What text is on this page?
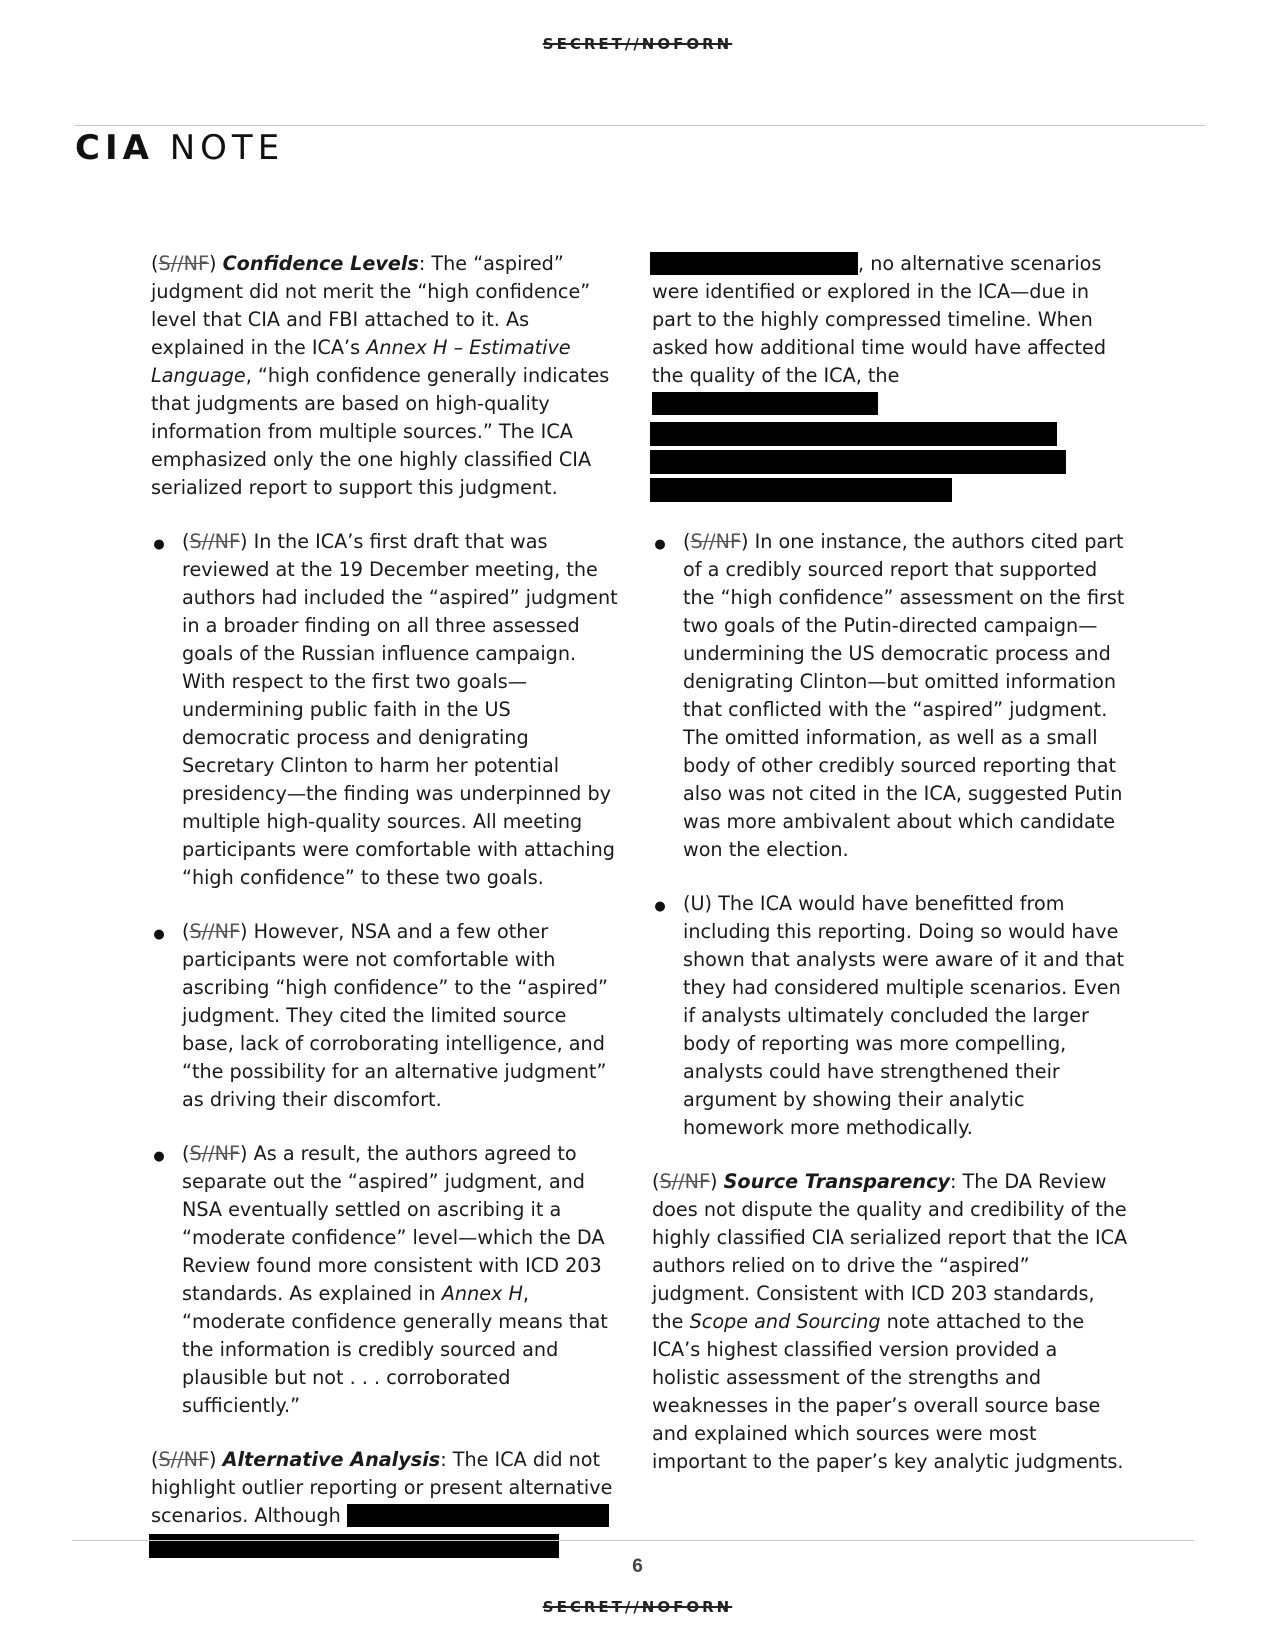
SECRET//NOFORN
CIA NOTE

(S//NF) Confidence Levels: The “aspired” judgment did not merit the “high confidence” level that CIA and FBI attached to it. As explained in the ICA’s Annex H – Estimative Language, “high confidence generally indicates that judgments are based on high-quality information from multiple sources.” The ICA emphasized only the one highly classified CIA serialized report to support this judgment.

●
(S//NF) In the ICA’s first draft that was reviewed at the 19 December meeting, the authors had included the “aspired” judgment in a broader finding on all three assessed goals of the Russian influence campaign. With respect to the first two goals—undermining public faith in the US democratic process and denigrating Secretary Clinton to harm her potential presidency—the finding was underpinned by multiple high-quality sources. All meeting participants were comfortable with attaching “high confidence” to these two goals.
●
(S//NF) However, NSA and a few other participants were not comfortable with ascribing “high confidence” to the “aspired” judgment. They cited the limited source base, lack of corroborating intelligence, and “the possibility for an alternative judgment” as driving their discomfort.
●
(S//NF) As a result, the authors agreed to separate out the “aspired” judgment, and NSA eventually settled on ascribing it a “moderate confidence” level—which the DA Review found more consistent with ICD 203 standards. As explained in Annex H, “moderate confidence generally means that the information is credibly sourced and plausible but not . . . corroborated sufficiently.”

(S//NF) Alternative Analysis: The ICA did not highlight outlier reporting or present alternative scenarios. Although

, no alternative scenarios were identified or explored in the ICA—due in part to the highly compressed timeline. When asked how additional time would have affected the quality of the ICA, the

●
(S//NF) In one instance, the authors cited part of a credibly sourced report that supported the “high confidence” assessment on the first two goals of the Putin-directed campaign—undermining the US democratic process and denigrating Clinton—but omitted information that conflicted with the “aspired” judgment. The omitted information, as well as a small body of other credibly sourced reporting that also was not cited in the ICA, suggested Putin was more ambivalent about which candidate won the election.
●
(U) The ICA would have benefitted from including this reporting. Doing so would have shown that analysts were aware of it and that they had considered multiple scenarios. Even if analysts ultimately concluded the larger body of reporting was more compelling, analysts could have strengthened their argument by showing their analytic homework more methodically.

(S//NF) Source Transparency: The DA Review does not dispute the quality and credibility of the highly classified CIA serialized report that the ICA authors relied on to drive the “aspired” judgment. Consistent with ICD 203 standards, the Scope and Sourcing note attached to the ICA’s highest classified version provided a holistic assessment of the strengths and weaknesses in the paper’s overall source base and explained which sources were most important to the paper’s key analytic judgments.

6
SECRET//NOFORN
